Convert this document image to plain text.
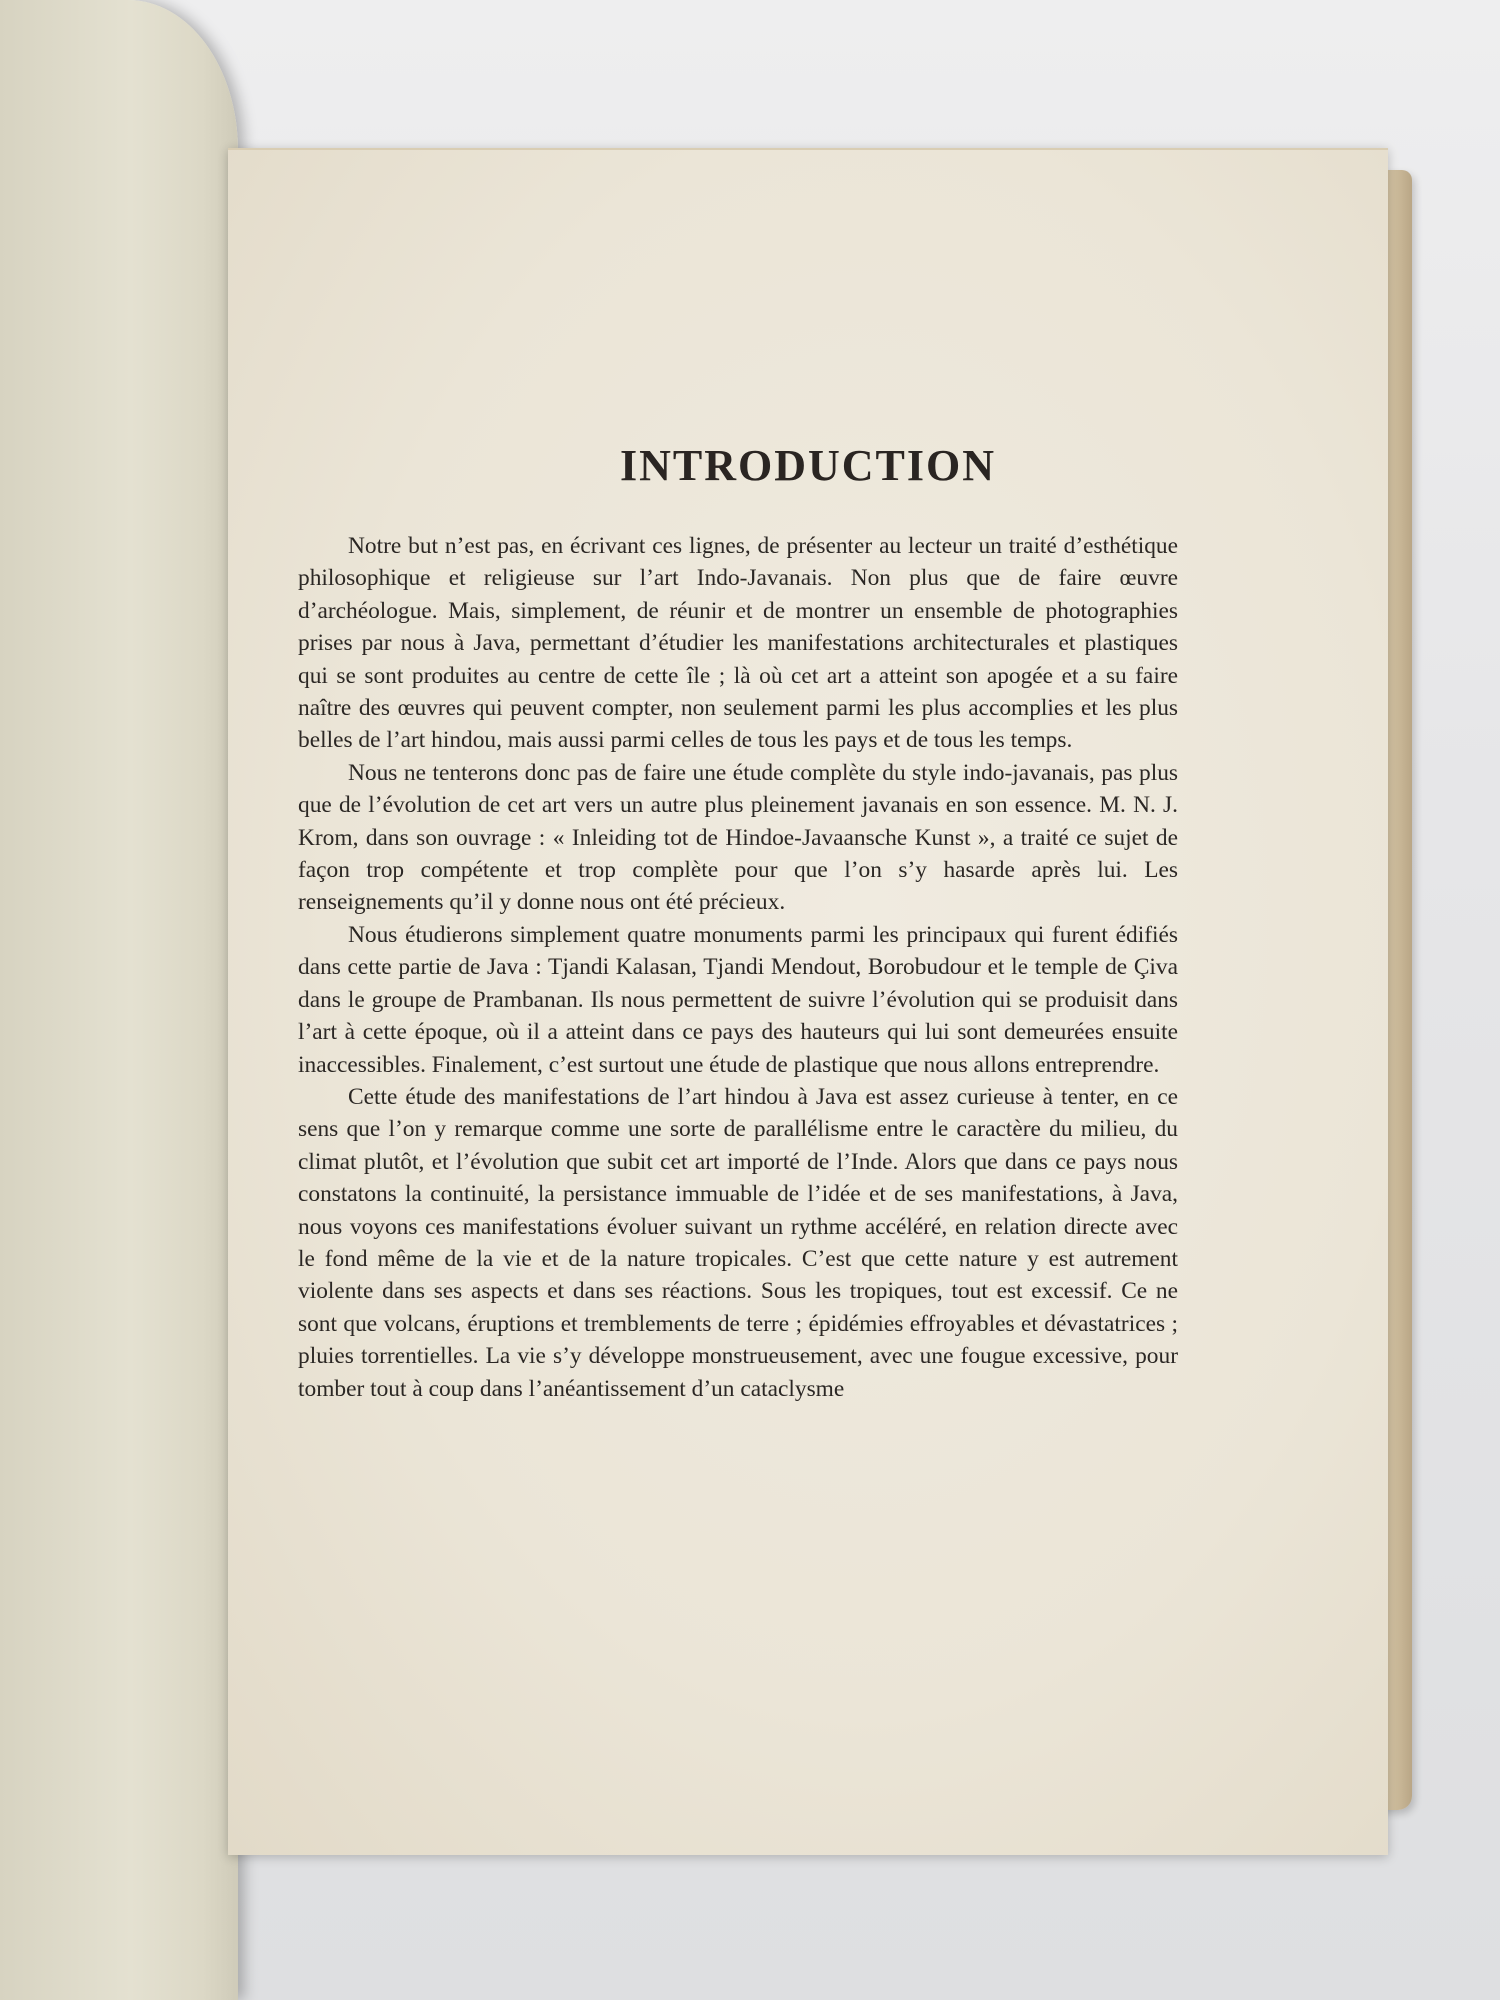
INTRODUCTION

Notre but n’est pas, en écrivant ces lignes, de présenter au lecteur un traité d’esthétique philosophique et religieuse sur l’art Indo-Javanais. Non plus que de faire œuvre d’archéologue. Mais, simplement, de réunir et de montrer un ensemble de photographies prises par nous à Java, permettant d’étudier les manifestations architecturales et plastiques qui se sont produites au centre de cette île ; là où cet art a atteint son apogée et a su faire naître des œuvres qui peuvent compter, non seulement parmi les plus accomplies et les plus belles de l’art hindou, mais aussi parmi celles de tous les pays et de tous les temps.

Nous ne tenterons donc pas de faire une étude complète du style indo-javanais, pas plus que de l’évolution de cet art vers un autre plus pleinement javanais en son essence. M. N. J. Krom, dans son ouvrage : « Inleiding tot de Hindoe-Javaansche Kunst », a traité ce sujet de façon trop compétente et trop complète pour que l’on s’y hasarde après lui. Les renseignements qu’il y donne nous ont été précieux.

Nous étudierons simplement quatre monuments parmi les principaux qui furent édifiés dans cette partie de Java : Tjandi Kalasan, Tjandi Mendout, Borobudour et le temple de Çiva dans le groupe de Prambanan. Ils nous permettent de suivre l’évolution qui se produisit dans l’art à cette époque, où il a atteint dans ce pays des hauteurs qui lui sont demeurées ensuite inaccessibles. Finalement, c’est surtout une étude de plastique que nous allons entreprendre.

Cette étude des manifestations de l’art hindou à Java est assez curieuse à tenter, en ce sens que l’on y remarque comme une sorte de parallélisme entre le caractère du milieu, du climat plutôt, et l’évolution que subit cet art importé de l’Inde. Alors que dans ce pays nous constatons la continuité, la persistance immuable de l’idée et de ses manifestations, à Java, nous voyons ces manifestations évoluer suivant un rythme accéléré, en relation directe avec le fond même de la vie et de la nature tropicales. C’est que cette nature y est autrement violente dans ses aspects et dans ses réactions. Sous les tropiques, tout est excessif. Ce ne sont que volcans, éruptions et tremblements de terre ; épidémies effroyables et dévastatrices ; pluies torrentielles. La vie s’y développe monstrueusement, avec une fougue excessive, pour tomber tout à coup dans l’anéantissement d’un cataclysme
